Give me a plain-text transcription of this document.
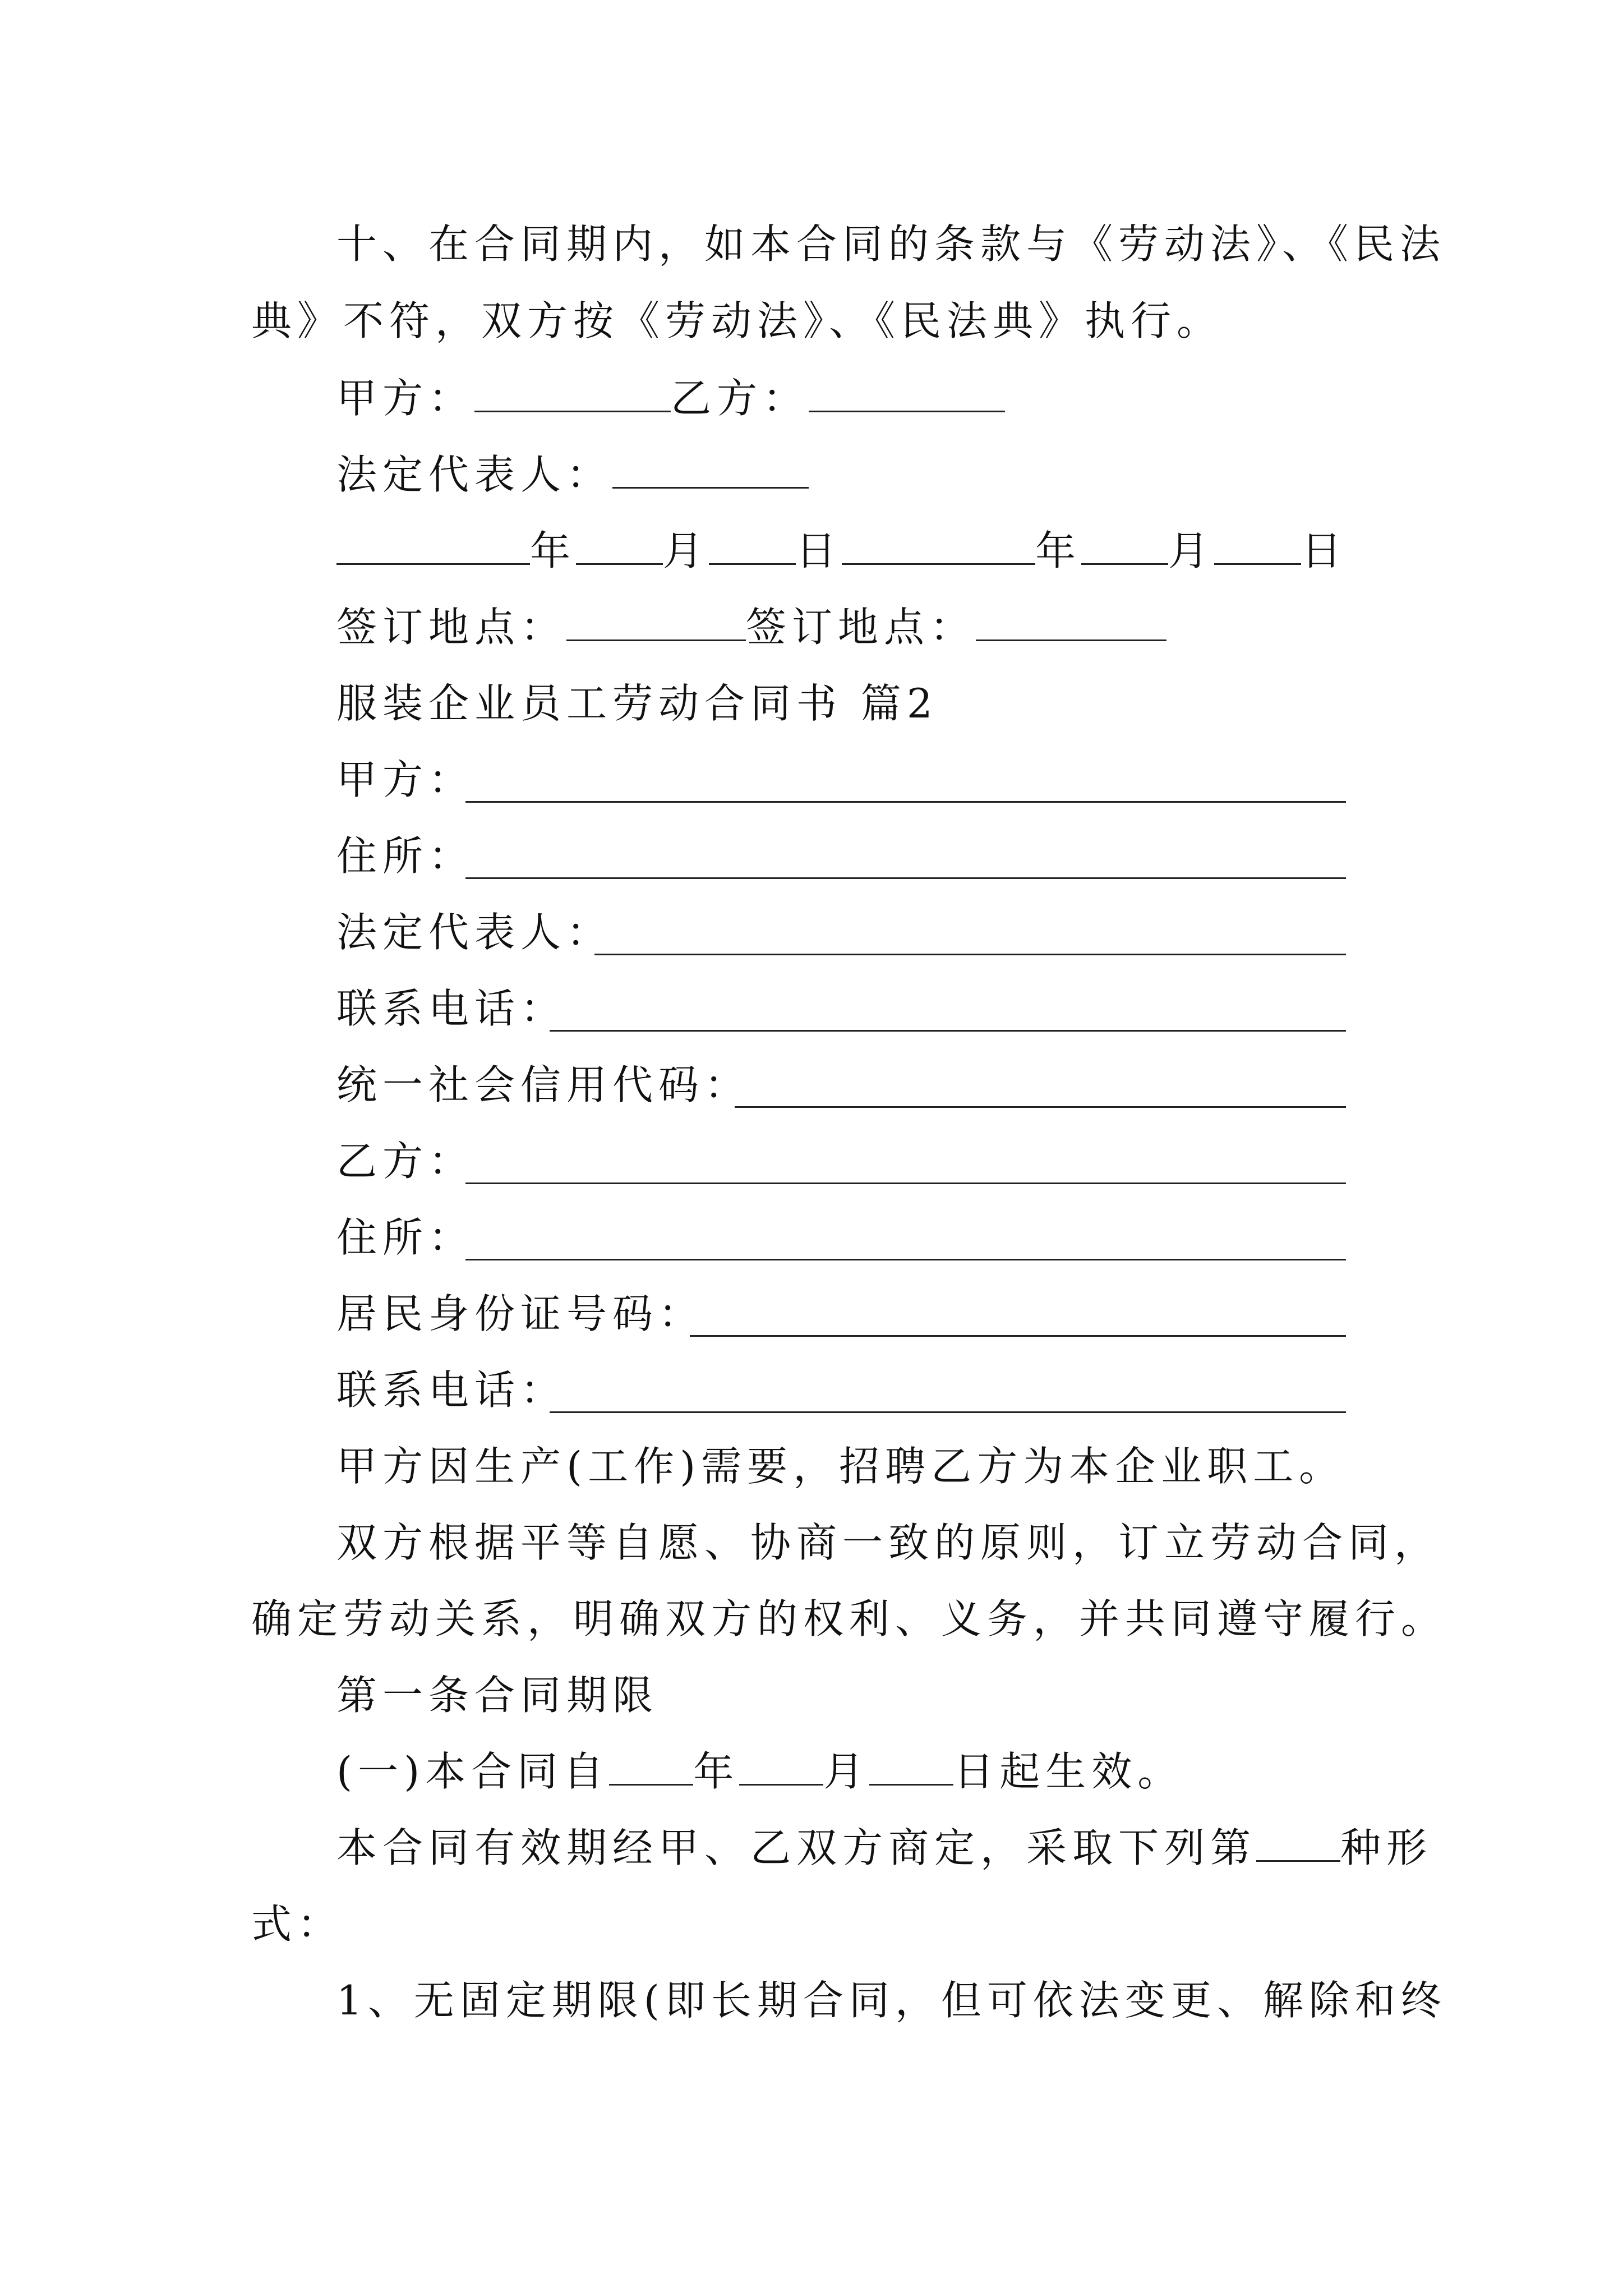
十、在合同期内，如本合同的条款与《劳动法》、《民法
典》不符，双方按《劳动法》、《民法典》执行。
甲方：	乙方：
法定代表人：
年 月 日	年 月 日
签订地点：	签订地点：
服装企业员工劳动合同书 篇2
甲方：
住所：
法定代表人：
联系电话：
统一社会信用代码：
乙方：
住所：
居民身份证号码：
联系电话：
甲方因生产(工作)需要，招聘乙方为本企业职工。
双方根据平等自愿、协商一致的原则，订立劳动合同，
确定劳动关系，明确双方的权利、义务，并共同遵守履行。
第一条合同期限
(一)本合同自 年 月 日起生效。
本合同有效期经甲、乙双方商定，采取下列第 种形
式：
1、无固定期限(即长期合同，但可依法变更、解除和终
